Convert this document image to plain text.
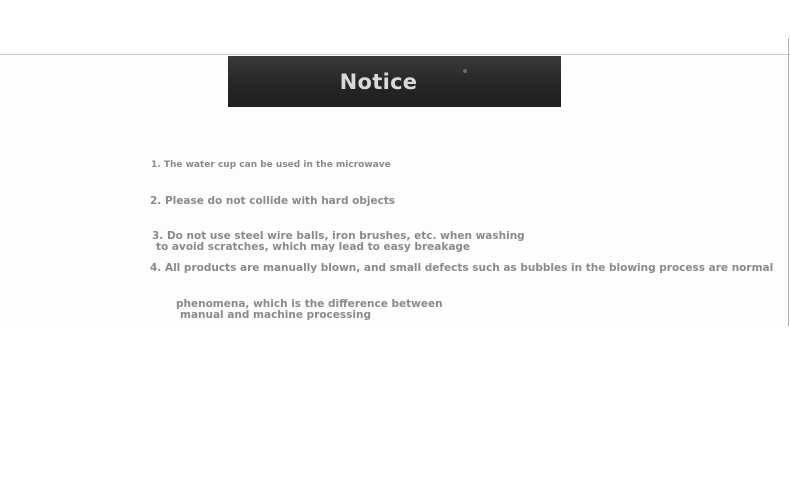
Notice
1. The water cup can be used in the microwave
2. Please do not collide with hard objects
3. Do not use steel wire balls, iron brushes, etc. when washing
to avoid scratches, which may lead to easy breakage
4. All products are manually blown, and small defects such as bubbles in the blowing process are normal
phenomena, which is the difference between
manual and machine processing
